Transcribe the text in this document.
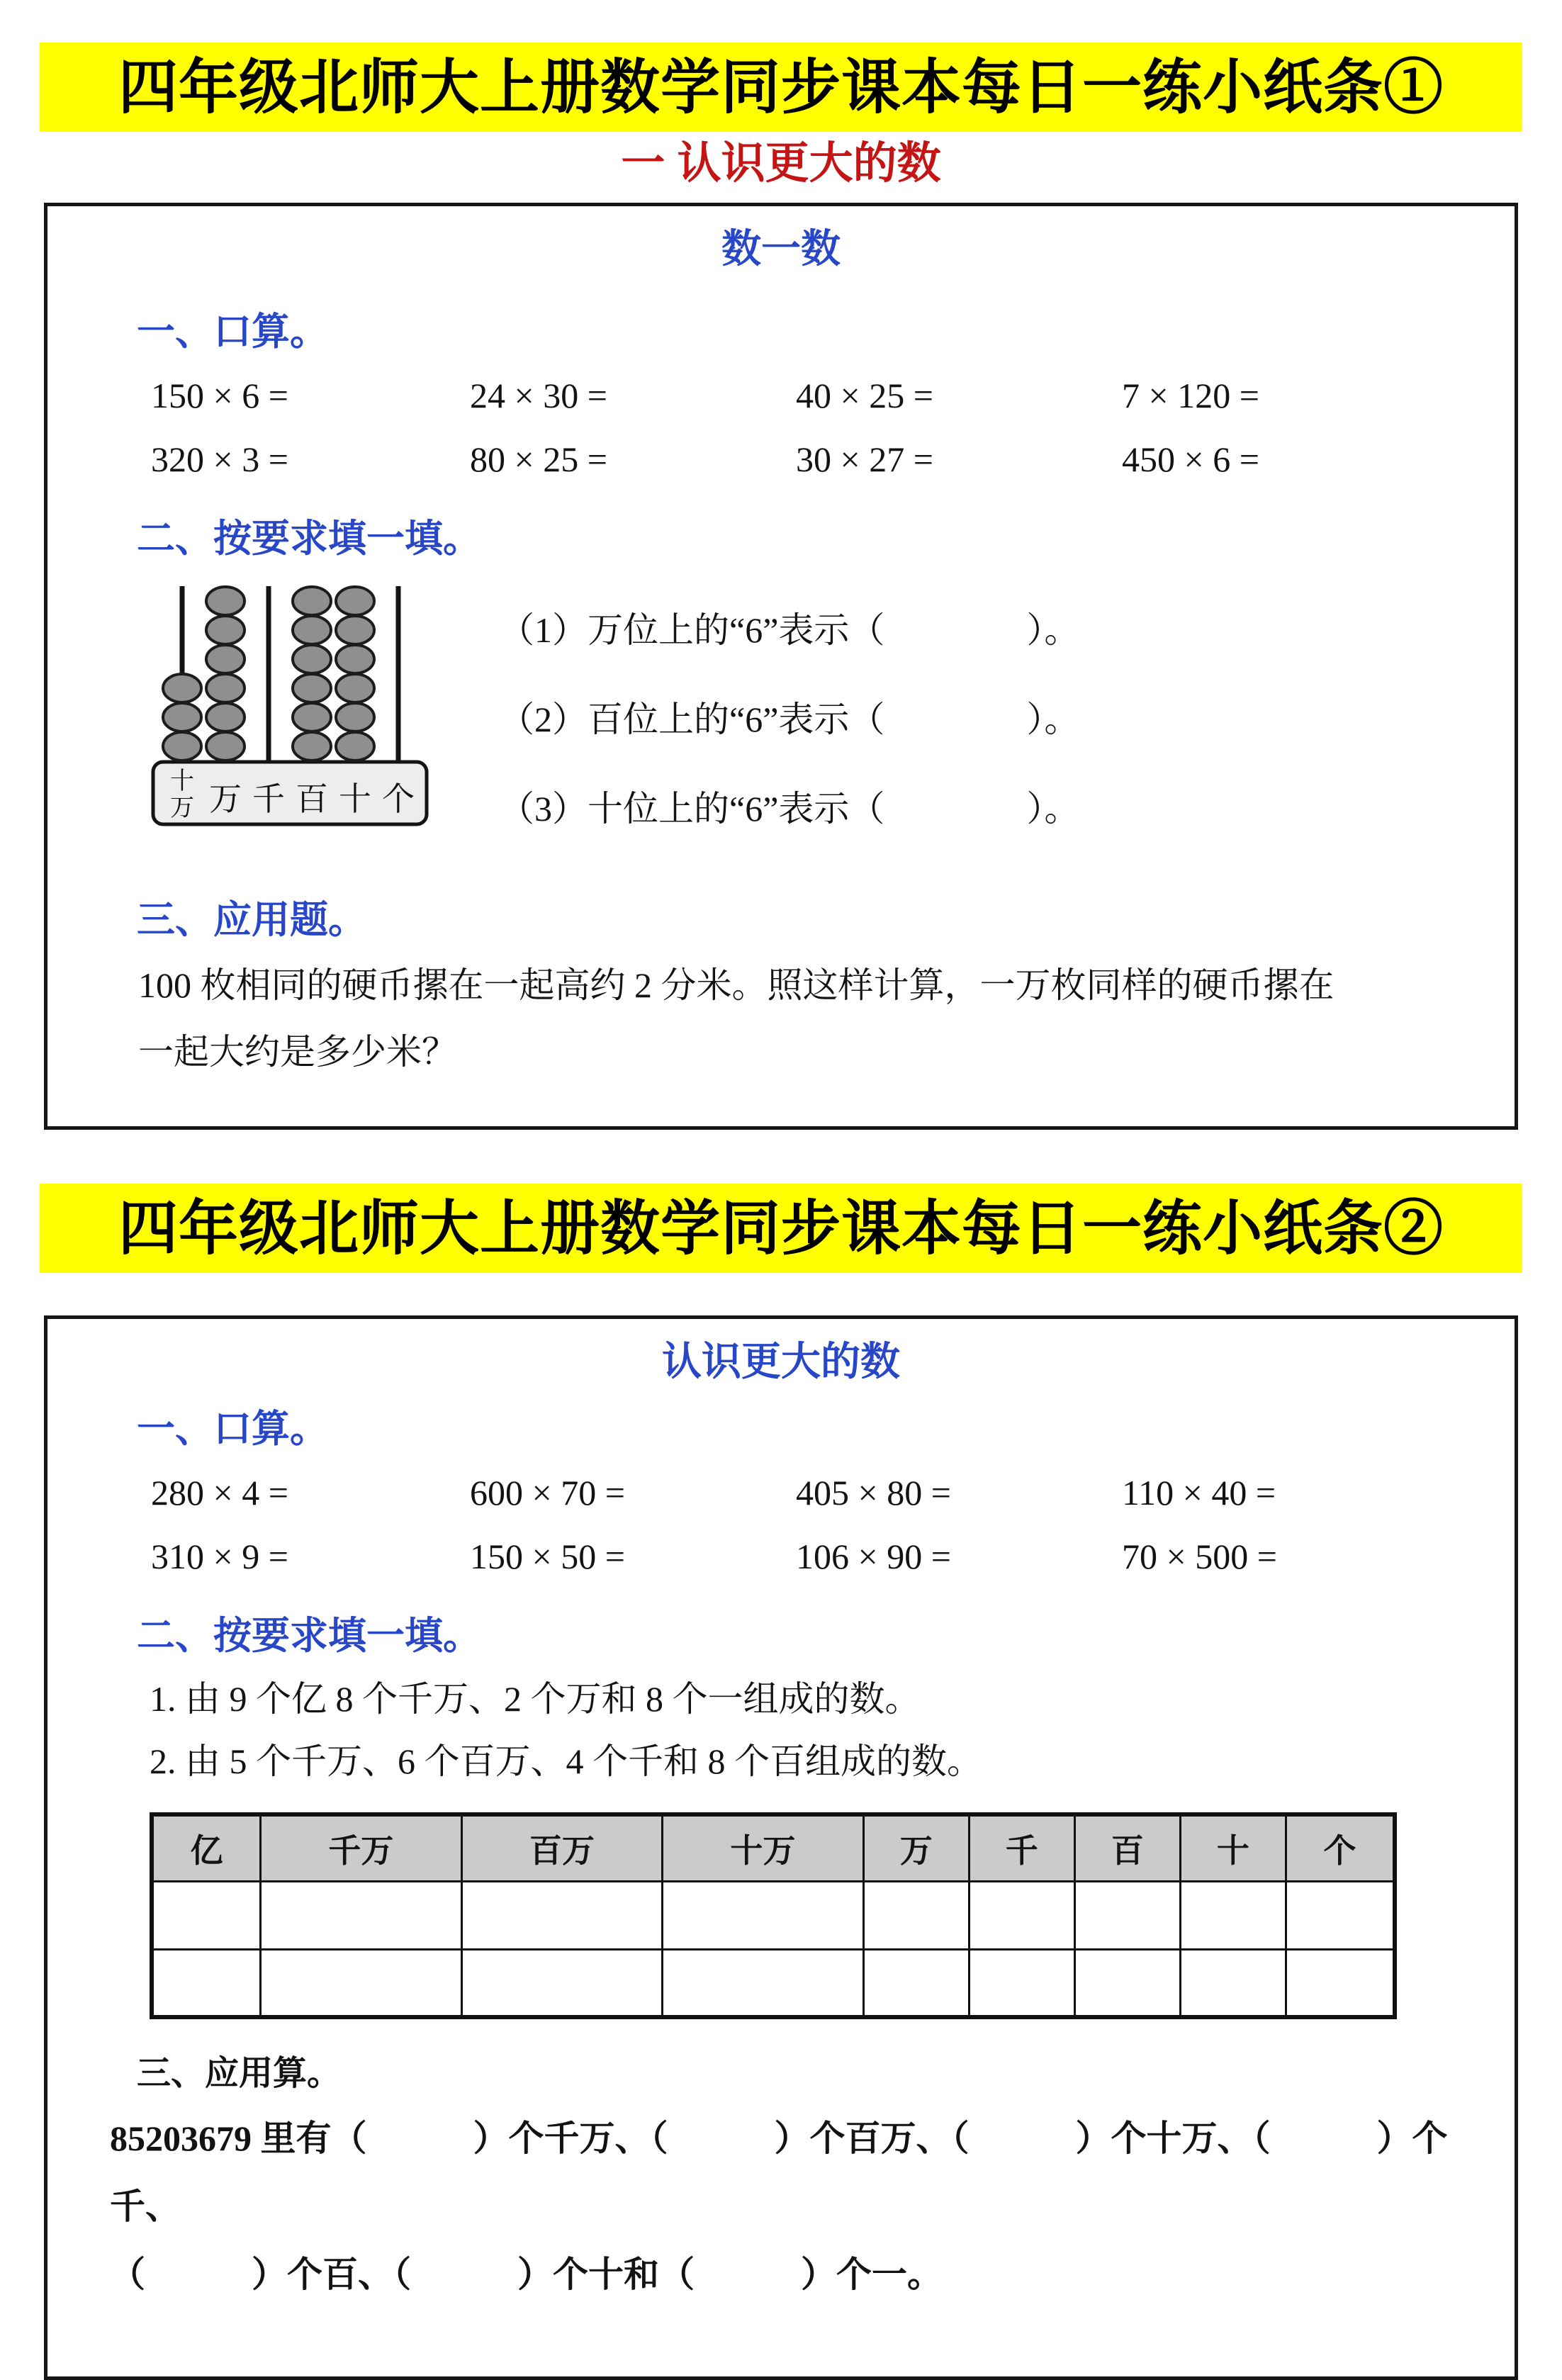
四年级北师大上册数学同步课本每日一练小纸条①
一 认识更大的数
数一数
一、口算。
150 × 6 =	24 × 30 =	40 × 25 =	7 × 120 =
320 × 3 =	80 × 25 =	30 × 27 =	450 × 6 =
二、按要求填一填。
十
万 万 千 百 十 个
（1）万位上的“6”表示（　　　　）。
（2）百位上的“6”表示（　　　　）。
（3）十位上的“6”表示（　　　　）。
三、应用题。
100 枚相同的硬币摞在一起高约 2 分米。照这样计算，一万枚同样的硬币摞在
一起大约是多少米？
四年级北师大上册数学同步课本每日一练小纸条②
认识更大的数
一、口算。
280 × 4 =	600 × 70 =	405 × 80 =	110 × 40 =
310 × 9 =	150 × 50 =	106 × 90 =	70 × 500 =
二、按要求填一填。
1. 由 9 个亿 8 个千万、2 个万和 8 个一组成的数。
2. 由 5 个千万、6 个百万、4 个千和 8 个百组成的数。
亿	千万	百万	十万	万	千	百	十	个

三、应用算。
85203679 里有（　　　）个千万、（　　　）个百万、（　　　）个十万、（　　　）个千、
（　　　）个百、（　　　）个十和（　　　）个一。
